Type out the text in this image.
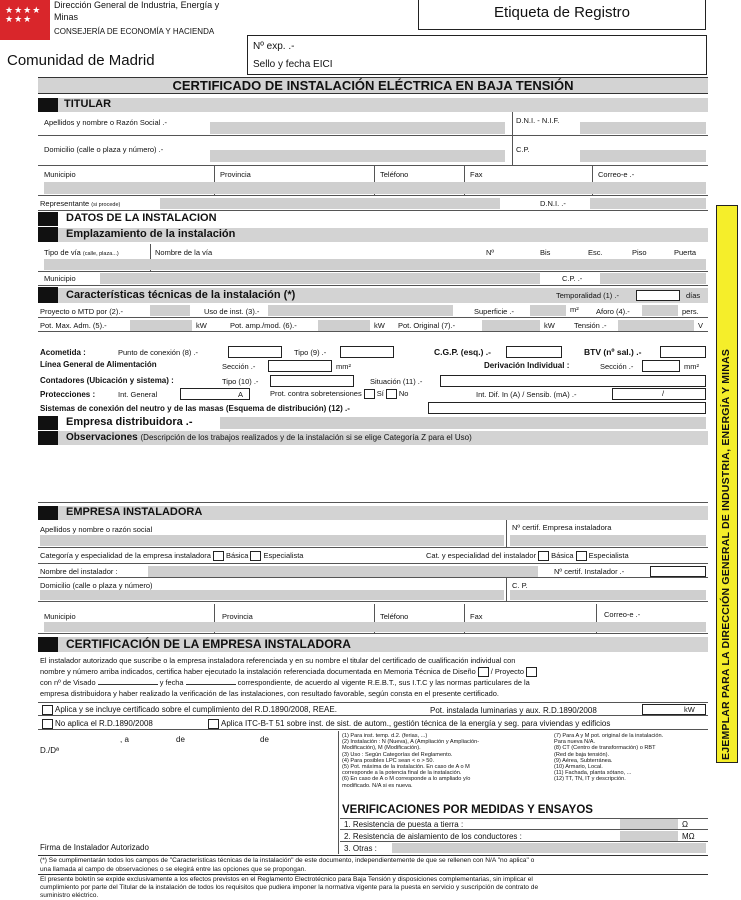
★★★★
★★★
Dirección General de Industria, Energía y
Minas
CONSEJERÍA DE ECONOMÍA Y HACIENDA
Comunidad de Madrid
Etiqueta de Registro
Nº exp. .-
Sello y fecha EICI
CERTIFICADO DE INSTALACIÓN ELÉCTRICA EN BAJA TENSIÓN
TITULAR
Apellidos y nombre o Razón Social .-	D.N.I. - N.I.F.
Domicilio (calle o plaza y número) .-	C.P.
Municipio	Provincia	Teléfono	Fax	Correo-e .-
Representante (si procede)	D.N.I. .-
DATOS DE LA INSTALACION
Emplazamiento de la instalación
Tipo de vía (calle, plaza...)	Nombre de la vía	Nº	Bis	Esc.	Piso	Puerta
Municipio	C.P. .-
Características técnicas de la instalación (*)	Temporalidad (1) .-	días
Proyecto o MTD por (2).-	Uso de inst. (3).-	Superficie .-	m² Aforo (4).-	pers.
Pot. Max. Adm. (5).-	kW	Pot. amp./mod. (6).-	kW Pot. Original (7).-	kW	Tensión .-	V
Acometida :	Punto de conexión (8) .-	Tipo (9) .-	C.G.P. (esq.) .-	BTV (nº sal.) .-
Línea General de Alimentación	Sección .-	mm²	Derivación Individual :	Sección .-	mm²
Contadores (Ubicación y sistema) :	Tipo (10) .-	Situación (11) .-
Protecciones :	Int. General	A	Prot. contra sobretensiones Sí No	Int. Dif. In (A) / Sensib. (mA) .-	/
Sistemas de conexión del neutro y de las masas (Esquema de distribución) (12) .-
Empresa distribuidora .-
Observaciones (Descripción de los trabajos realizados y de la instalación si se elige Categoría Z para el Uso)
EMPRESA INSTALADORA
Apellidos y nombre o razón social	Nº certif. Empresa instaladora
Categoría y especialidad de la empresa instaladora Básica Especialista	Cat. y especialidad del instalador Básica Especialista
Nombre del instalador :	Nº certif. Instalador .-
Domicilio (calle o plaza y número)	C. P.
Municipio	Provincia	Teléfono	Fax	Correo-e .-
CERTIFICACIÓN DE LA EMPRESA INSTALADORA
El instalador autorizado que suscribe o la empresa instaladora referenciada y en su nombre el titular del certificado de cualificación individual con
nombre y número arriba indicados, certifica haber ejecutado la instalación referenciada documentada en Memoria Técnica de Diseño / Proyecto
con nº de Visado	y fecha	correspondiente, de acuerdo al vigente R.E.B.T., sus I.T.C y las normas particulares de la
empresa distribuidora y haber realizado la verificación de las instalaciones, con resultado favorable, según consta en el presente certificado.
Aplica y se incluye certificado sobre el cumplimiento del R.D.1890/2008, REAE.	Pot. instalada luminarias y aux. R.D.1890/2008	kW
No aplica el R.D.1890/2008	Aplica ITC-B-T 51 sobre inst. de sist. de autom., gestión técnica de la energía y seg. para viviendas y edificios
, a	de	de
D./Dª
Firma de Instalador Autorizado
(1) Para inst. temp. d.2. (ferias, ...)
(2) Instalación : N (Nueva), A (Ampliación y Ampliación-
Modificación), M (Modificación).
(3) Uso : Según Categorías del Reglamento.
(4) Para posibles LPC sean < o > 50.
(5) Pot. máxima de la instalación. En caso de A o M
corresponde a la potencia final de la instalación.
(6) En caso de A o M corresponde a lo ampliado y/o
modificado. N/A si es nueva.
(7) Para A y M pot. original de la instalación.
Para nueva N/A.
(8) CT (Centro de transformación) o RBT
(Red de baja tensión).
(9) Aérea, Subterránea.
(10) Armario, Local.
(11) Fachada, planta sótano, ...
(12) TT, TN, IT y descripción.
VERIFICACIONES POR MEDIDAS Y ENSAYOS
1. Resistencia de puesta a tierra :	Ω
2. Resistencia de aislamiento de los conductores :	MΩ
3. Otras :
(*) Se cumplimentarán todos los campos de "Características técnicas de la instalación" de este documento, independientemente de que se rellenen con N/A "no aplica" o
una llamada al campo de observaciones o se elegirá entre las opciones que se propongan.
El presente boletín se expide exclusivamente a los efectos previstos en el Reglamento Electrotécnico para Baja Tensión y disposiciones complementarias, sin implicar el
cumplimiento por parte del Titular de la instalación de todos los requisitos que pudiera imponer la normativa vigente para la puesta en servicio y suscripción de contrato de
suministro eléctrico.
EJEMPLAR PARA LA DIRECCIÓN GENERAL DE INDUSTRIA, ENERGÍA Y MINAS
